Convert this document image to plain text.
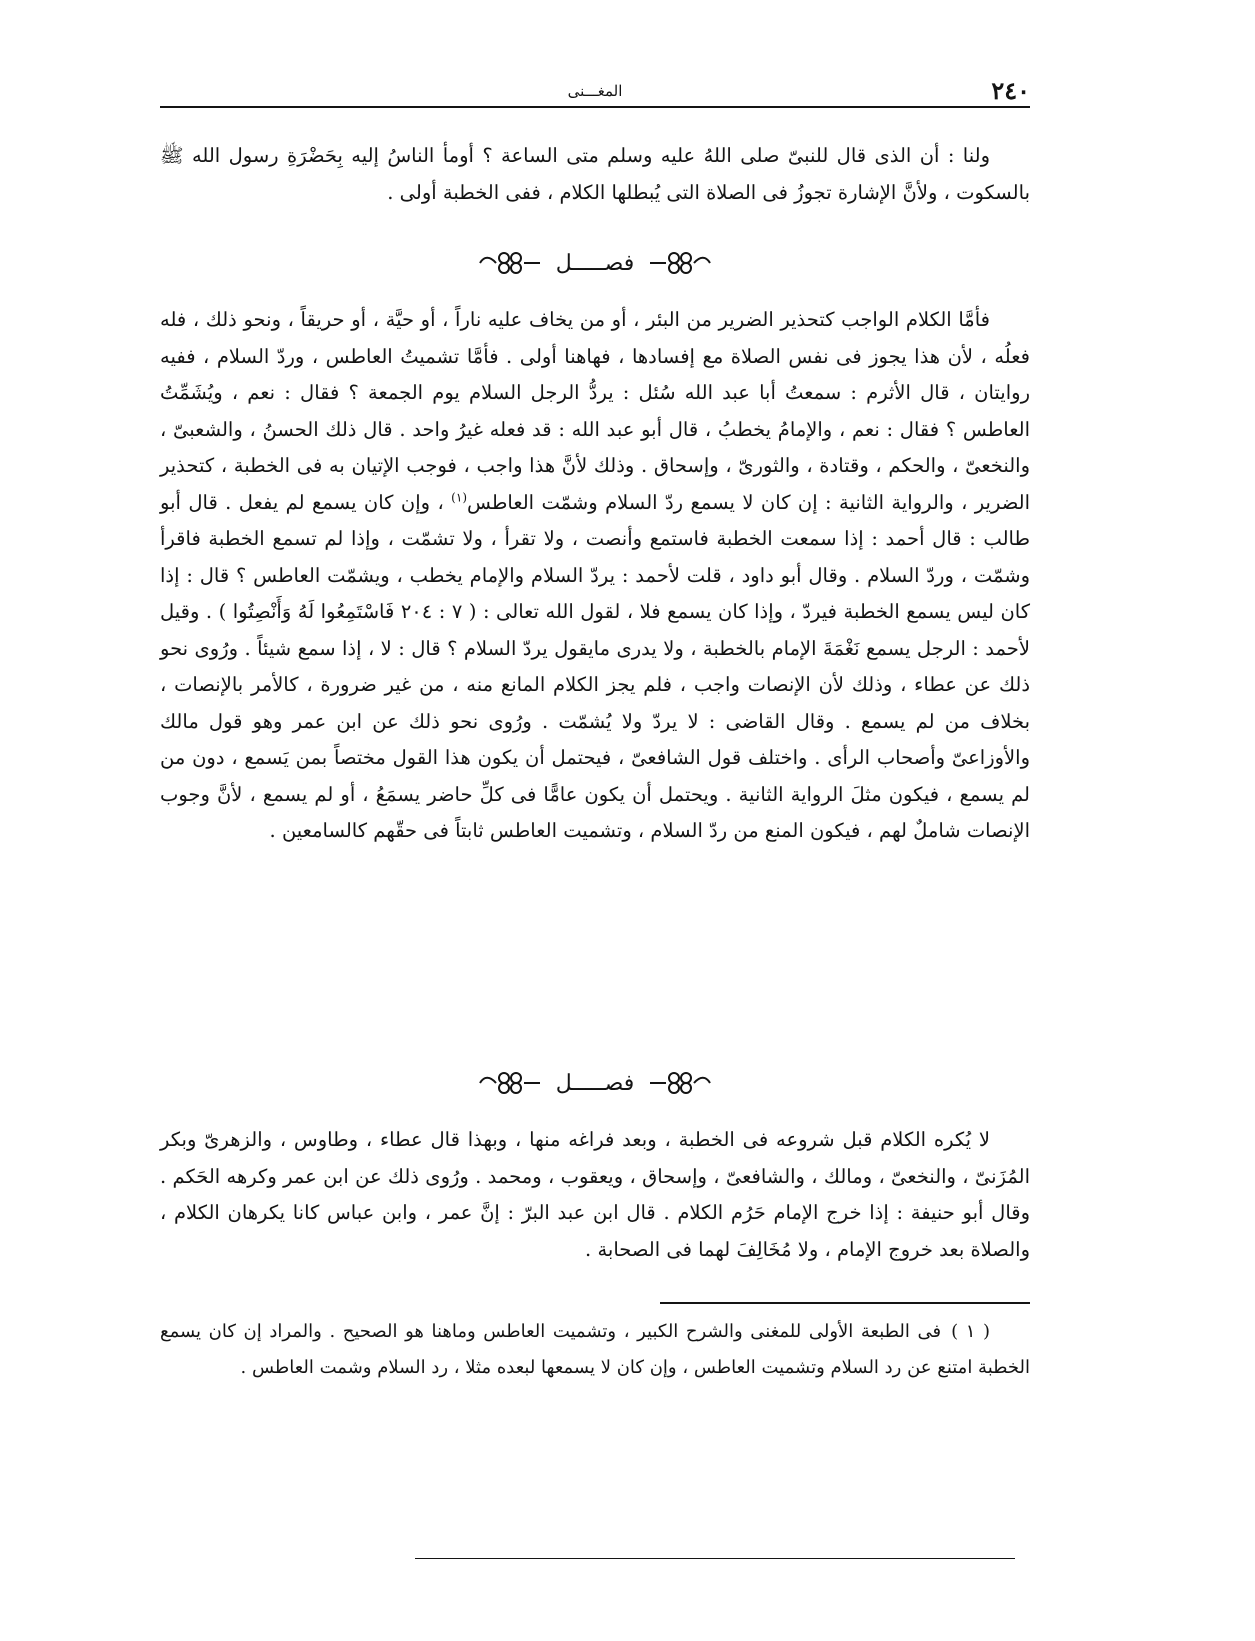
٢٤٠
المغـــنى

ولنا : أن الذى قال للنبىّ صلى اللهُ عليه وسلم متى الساعة ؟ أومأ الناسُ إليه بِحَضْرَةِ رسول الله ﷺ بالسكوت ، ولأنَّ الإشارة تجوزُ فى الصلاة التى يُبطلها الكلام ، ففى الخطبة أولى .

فصـــــل

فأمَّا الكلام الواجب كتحذير الضرير من البئر ، أو من يخاف عليه ناراً ، أو حيَّة ، أو حريقاً ، ونحو ذلك ، فله فعلُه ، لأن هذا يجوز فى نفس الصلاة مع إفسادها ، فهاهنا أولى . فأمَّا تشميتُ العاطس ، وردّ السلام ، ففيه روايتان ، قال الأثرم : سمعتُ أبا عبد الله سُئل : يردُّ الرجل السلام يوم الجمعة ؟ فقال : نعم ، ويُشَمِّتُ العاطس ؟ فقال : نعم ، والإمامُ يخطبُ ، قال أبو عبد الله : قد فعله غيرُ واحد . قال ذلك الحسنُ ، والشعبىّ ، والنخعىّ ، والحكم ، وقتادة ، والثورىّ ، وإسحاق . وذلك لأنَّ هذا واجب ، فوجب الإتيان به فى الخطبة ، كتحذير الضرير ، والرواية الثانية : إن كان لا يسمع ردّ السلام وشمّت العاطس$^{(١)}$ ، وإن كان يسمع لم يفعل . قال أبو طالب : قال أحمد : إذا سمعت الخطبة فاستمع وأنصت ، ولا تقرأ ، ولا تشمّت ، وإذا لم تسمع الخطبة فاقرأ وشمّت ، وردّ السلام . وقال أبو داود ، قلت لأحمد : يردّ السلام والإمام يخطب ، ويشمّت العاطس ؟ قال : إذا كان ليس يسمع الخطبة فيردّ ، وإذا كان يسمع فلا ، لقول الله تعالى : ( ٧ : ٢٠٤ فَاسْتَمِعُوا لَهُ وَأَنْصِتُوا ) . وقيل لأحمد : الرجل يسمع نَغْمَةَ الإمام بالخطبة ، ولا يدرى مايقول يردّ السلام ؟ قال : لا ، إذا سمع شيئاً . ورُوى نحو ذلك عن عطاء ، وذلك لأن الإنصات واجب ، فلم يجز الكلام المانع منه ، من غير ضرورة ، كالأمر بالإنصات ، بخلاف من لم يسمع . وقال القاضى : لا يردّ ولا يُشمّت . ورُوى نحو ذلك عن ابن عمر وهو قول مالك والأوزاعىّ وأصحاب الرأى . واختلف قول الشافعىّ ، فيحتمل أن يكون هذا القول مختصاً بمن يَسمع ، دون من لم يسمع ، فيكون مثلَ الرواية الثانية . ويحتمل أن يكون عامًّا فى كلِّ حاضر يسمَعُ ، أو لم يسمع ، لأنَّ وجوب الإنصات شاملٌ لهم ، فيكون المنع من ردّ السلام ، وتشميت العاطس ثابتاً فى حقّهم كالسامعين .

فصـــــل

لا يُكره الكلام قبل شروعه فى الخطبة ، وبعد فراغه منها ، وبهذا قال عطاء ، وطاوس ، والزهرىّ وبكر المُزَنىّ ، والنخعىّ ، ومالك ، والشافعىّ ، وإسحاق ، ويعقوب ، ومحمد . ورُوى ذلك عن ابن عمر وكرهه الحَكم . وقال أبو حنيفة : إذا خرج الإمام حَرُم الكلام . قال ابن عبد البرّ : إنَّ عمر ، وابن عباس كانا يكرهان الكلام ، والصلاة بعد خروج الإمام ، ولا مُخَالِفَ لهما فى الصحابة .

( ١ )فى الطبعة الأولى للمغنى والشرح الكبير ، وتشميت العاطس وماهنا هو الصحيح . والمراد إن كان يسمع الخطبة امتنع عن رد السلام وتشميت العاطس ، وإن كان لا يسمعها لبعده مثلا ، رد السلام وشمت العاطس .
